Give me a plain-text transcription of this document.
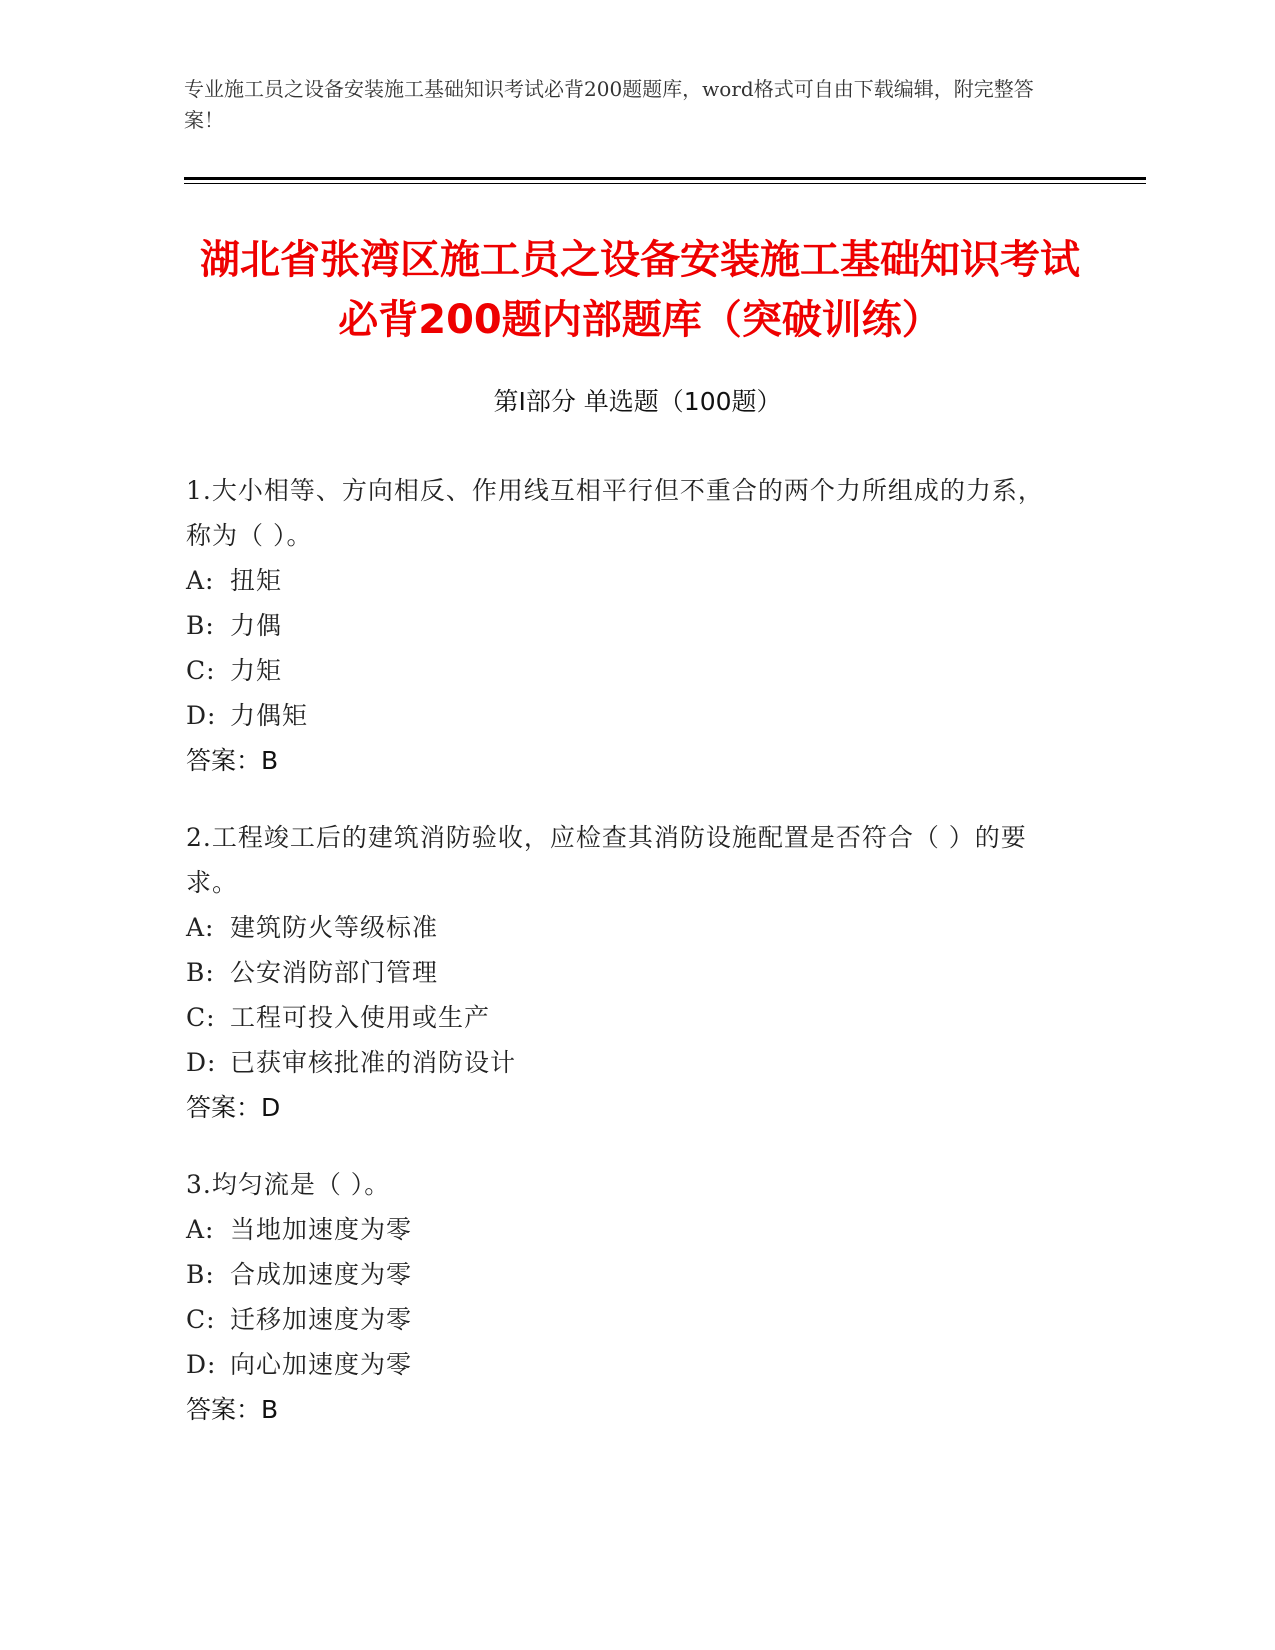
专业施工员之设备安装施工基础知识考试必背200题题库，word格式可自由下载编辑，附完整答案！
湖北省张湾区施工员之设备安装施工基础知识考试必背200题内部题库（突破训练）
第Ⅰ部分 单选题（100题）
1.大小相等、方向相反、作用线互相平行但不重合的两个力所组成的力系，称为（ ）。
A: 扭矩
B: 力偶
C: 力矩
D: 力偶矩
答案：B
2.工程竣工后的建筑消防验收，应检查其消防设施配置是否符合（ ）的要求。
A: 建筑防火等级标准
B: 公安消防部门管理
C: 工程可投入使用或生产
D: 已获审核批准的消防设计
答案：D
3.均匀流是（ ）。
A: 当地加速度为零
B: 合成加速度为零
C: 迁移加速度为零
D: 向心加速度为零
答案：B
